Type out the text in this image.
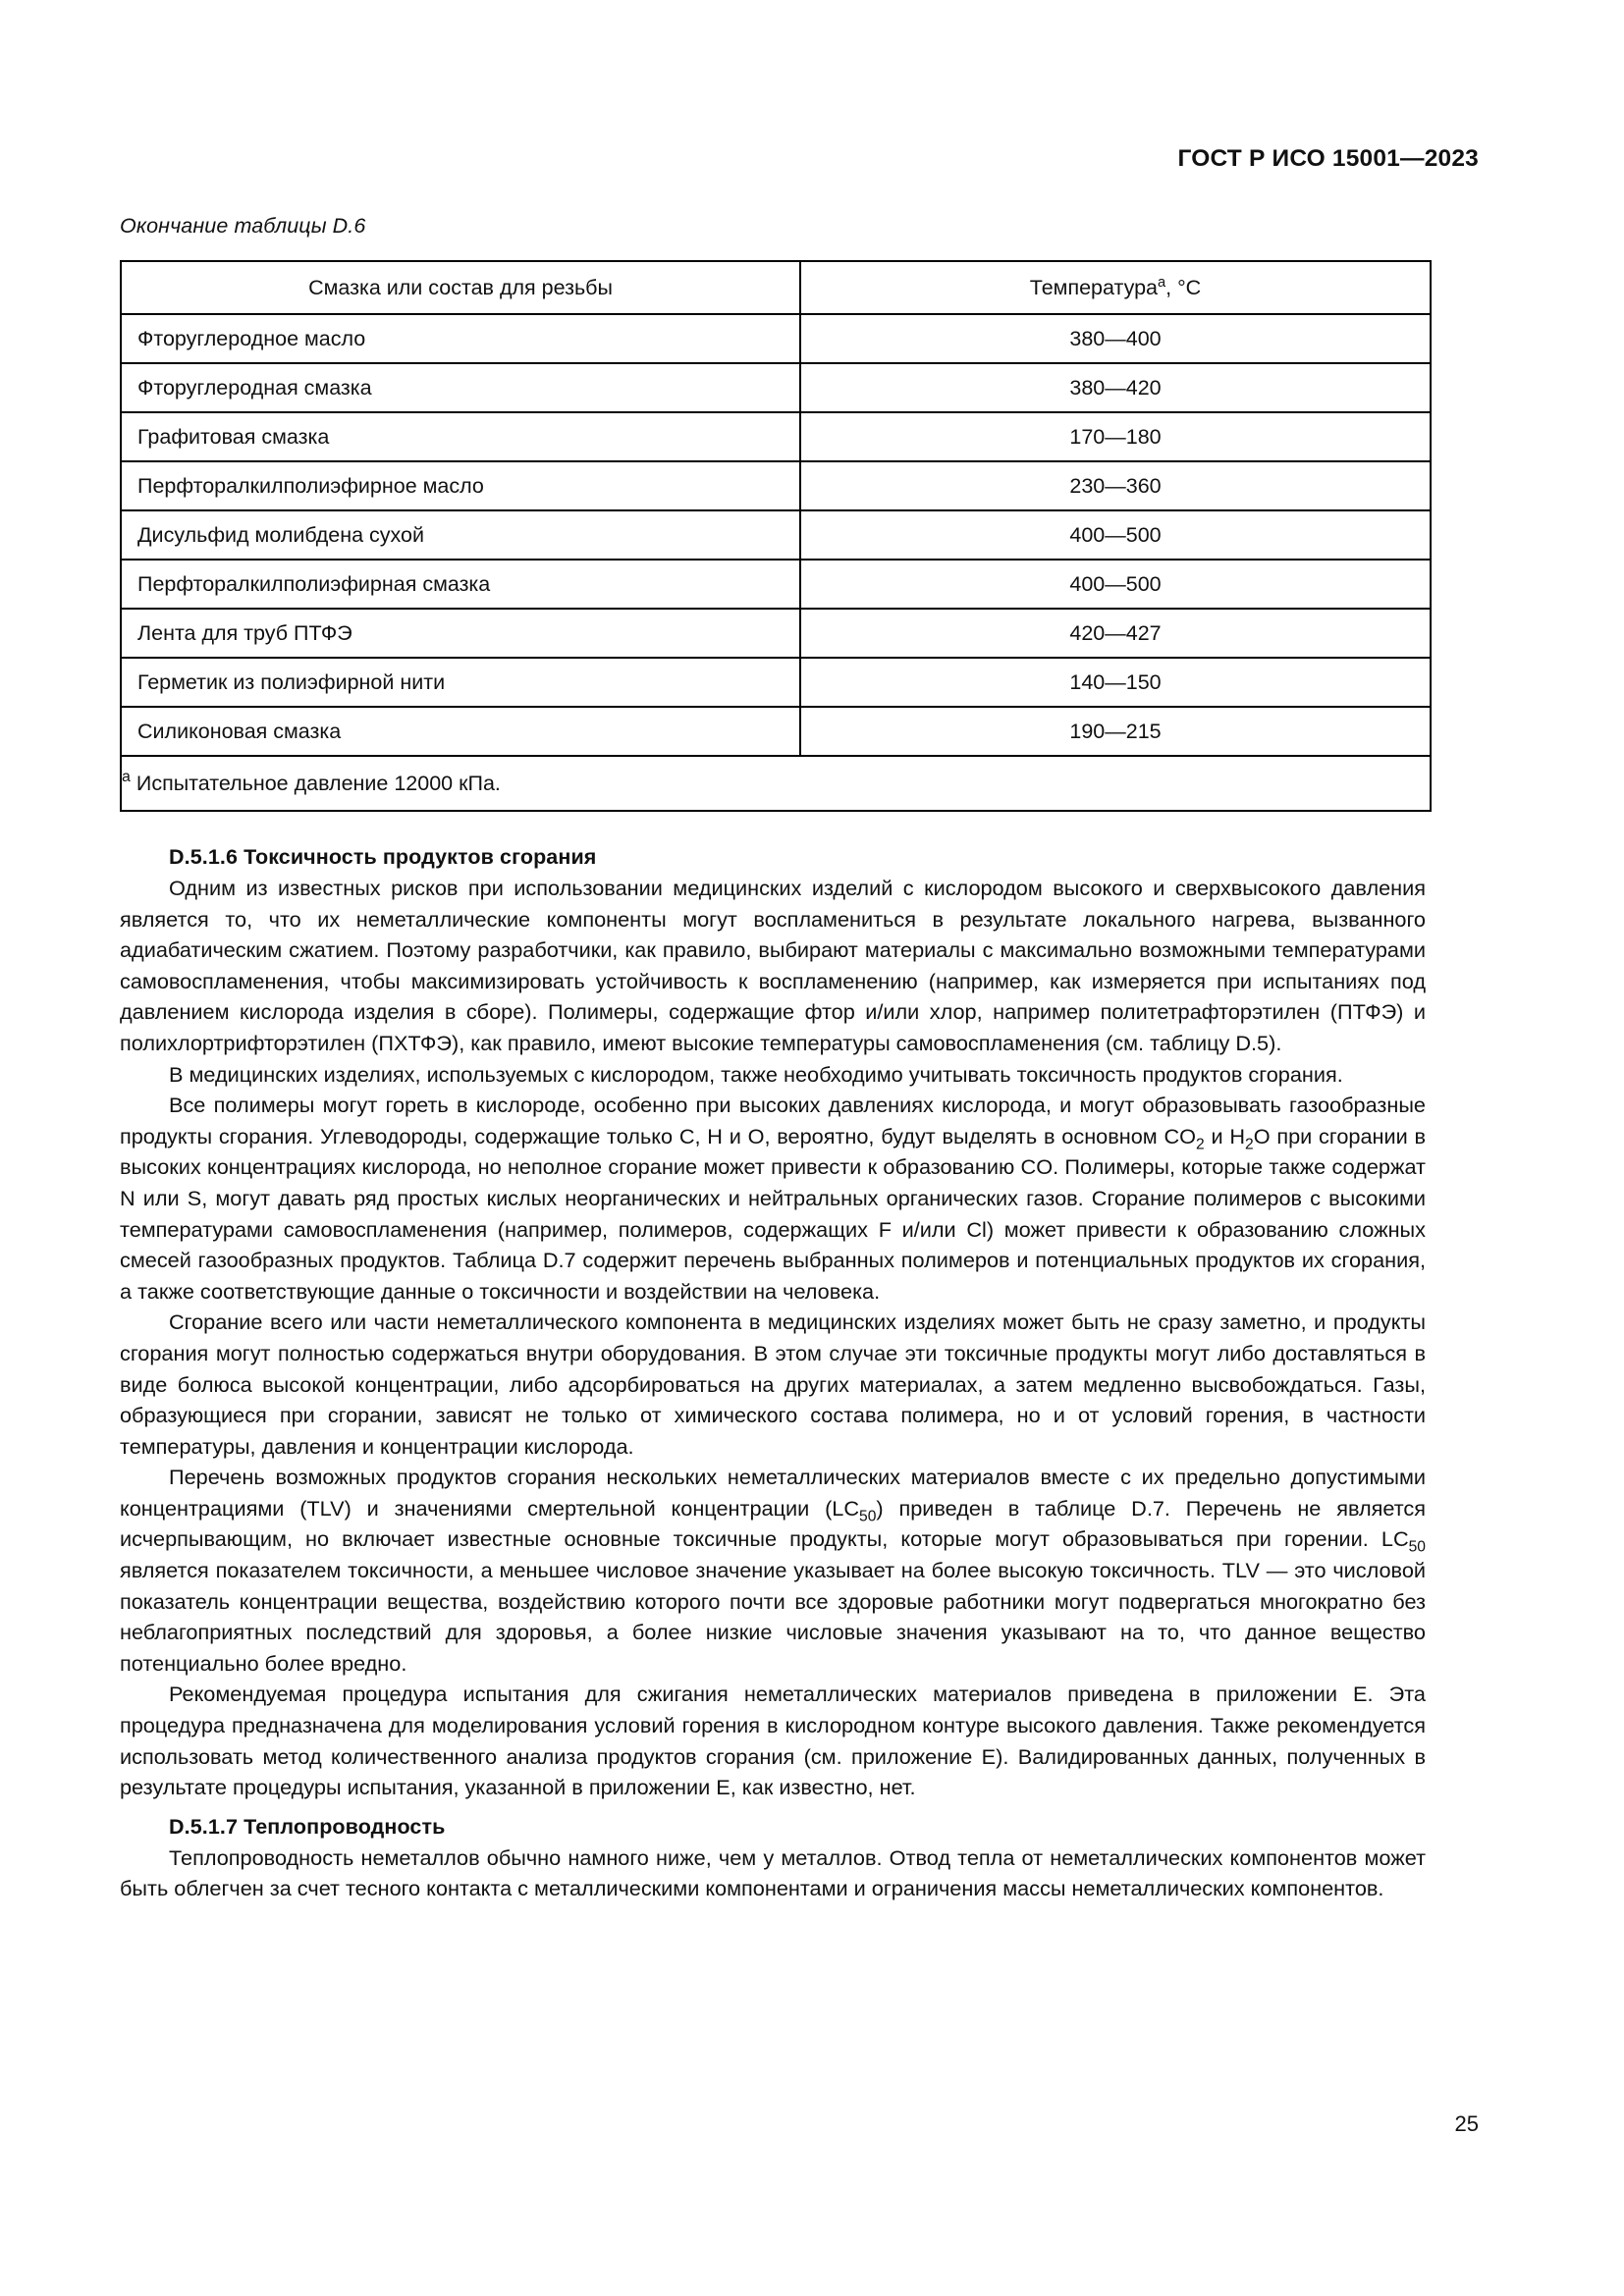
ГОСТ Р ИСО 15001—2023
Окончание таблицы D.6
Смазка или состав для резьбы	Температура$^а$, °C
Фторуглеродное масло	380—400
Фторуглеродная смазка	380—420
Графитовая смазка	170—180
Перфторалкилполиэфирное масло	230—360
Дисульфид молибдена сухой	400—500
Перфторалкилполиэфирная смазка	400—500
Лента для труб ПТФЭ	420—427
Герметик из полиэфирной нити	140—150
Силиконовая смазка	190—215
$^а$ Испытательное давление 12000 кПа.	
D.5.1.6 Токсичность продуктов сгорания

Одним из известных рисков при использовании медицинских изделий с кислородом высокого и сверхвысокого давления является то, что их неметаллические компоненты могут воспламениться в результате локального нагрева, вызванного адиабатическим сжатием. Поэтому разработчики, как правило, выбирают материалы с максимально возможными температурами самовоспламенения, чтобы максимизировать устойчивость к воспламенению (например, как измеряется при испытаниях под давлением кислорода изделия в сборе). Полимеры, содержащие фтор и/или хлор, например политетрафторэтилен (ПТФЭ) и полихлортрифторэтилен (ПХТФЭ), как правило, имеют высокие температуры самовоспламенения (см. таблицу D.5).

В медицинских изделиях, используемых с кислородом, также необходимо учитывать токсичность продуктов сгорания.

Все полимеры могут гореть в кислороде, особенно при высоких давлениях кислорода, и могут образовывать газообразные продукты сгорания. Углеводороды, содержащие только C, H и O, вероятно, будут выделять в основном $CO_2$ и $H_2O$ при сгорании в высоких концентрациях кислорода, но неполное сгорание может привести к образованию CO. Полимеры, которые также содержат N или S, могут давать ряд простых кислых неорганических и нейтральных органических газов. Сгорание полимеров с высокими температурами самовоспламенения (например, полимеров, содержащих F и/или Cl) может привести к образованию сложных смесей газообразных продуктов. Таблица D.7 содержит перечень выбранных полимеров и потенциальных продуктов их сгорания, а также соответствующие данные о токсичности и воздействии на человека.

Сгорание всего или части неметаллического компонента в медицинских изделиях может быть не сразу заметно, и продукты сгорания могут полностью содержаться внутри оборудования. В этом случае эти токсичные продукты могут либо доставляться в виде болюса высокой концентрации, либо адсорбироваться на других материалах, а затем медленно высвобождаться. Газы, образующиеся при сгорании, зависят не только от химического состава полимера, но и от условий горения, в частности температуры, давления и концентрации кислорода.

Перечень возможных продуктов сгорания нескольких неметаллических материалов вместе с их предельно допустимыми концентрациями (TLV) и значениями смертельной концентрации $(LC_{50})$ приведен в таблице D.7. Перечень не является исчерпывающим, но включает известные основные токсичные продукты, которые могут образовываться при горении. $LC_{50}$ является показателем токсичности, а меньшее числовое значение указывает на более высокую токсичность. TLV — это числовой показатель концентрации вещества, воздействию которого почти все здоровые работники могут подвергаться многократно без неблагоприятных последствий для здоровья, а более низкие числовые значения указывают на то, что данное вещество потенциально более вредно.

Рекомендуемая процедура испытания для сжигания неметаллических материалов приведена в приложении Е. Эта процедура предназначена для моделирования условий горения в кислородном контуре высокого давления. Также рекомендуется использовать метод количественного анализа продуктов сгорания (см. приложение Е). Валидированных данных, полученных в результате процедуры испытания, указанной в приложении Е, как известно, нет.

D.5.1.7 Теплопроводность

Теплопроводность неметаллов обычно намного ниже, чем у металлов. Отвод тепла от неметаллических компонентов может быть облегчен за счет тесного контакта с металлическими компонентами и ограничения массы неметаллических компонентов.

25
